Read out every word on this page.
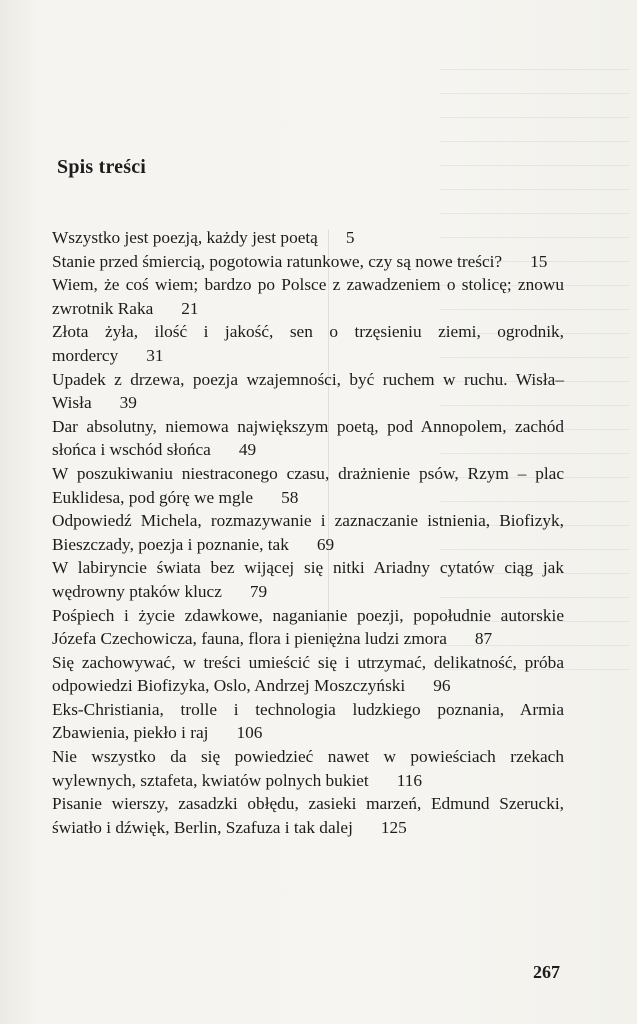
Spis treści
Wszystko jest poezją, każdy jest poetą 5
Stanie przed śmiercią, pogotowia ratunkowe, czy są nowe treści? 15
Wiem, że coś wiem; bardzo po Polsce z zawadzeniem o stolicę; znowu zwrotnik Raka 21
Złota żyła, ilość i jakość, sen o trzęsieniu ziemi, ogrodnik, mordercy 31
Upadek z drzewa, poezja wzajemności, być ruchem w ruchu. Wisła–Wisła 39
Dar absolutny, niemowa największym poetą, pod Annopolem, zachód słońca i wschód słońca 49
W poszukiwaniu niestraconego czasu, drażnienie psów, Rzym – plac Euklidesa, pod górę we mgle 58
Odpowiedź Michela, rozmazywanie i zaznaczanie istnienia, Biofizyk, Bieszczady, poezja i poznanie, tak 69
W labiryncie świata bez wijącej się nitki Ariadny cytatów ciąg jak wędrowny ptaków klucz 79
Pośpiech i życie zdawkowe, naganianie poezji, popołudnie autorskie Józefa Czechowicza, fauna, flora i pieniężna ludzi zmora 87
Się zachowywać, w treści umieścić się i utrzymać, delikatność, próba odpowiedzi Biofizyka, Oslo, Andrzej Moszczyński 96
Eks-Christiania, trolle i technologia ludzkiego poznania, Armia Zbawienia, piekło i raj 106
Nie wszystko da się powiedzieć nawet w powieściach rzekach wylewnych, sztafeta, kwiatów polnych bukiet 116
Pisanie wierszy, zasadzki obłędu, zasieki marzeń, Edmund Szerucki, światło i dźwięk, Berlin, Szafuza i tak dalej 125
267
